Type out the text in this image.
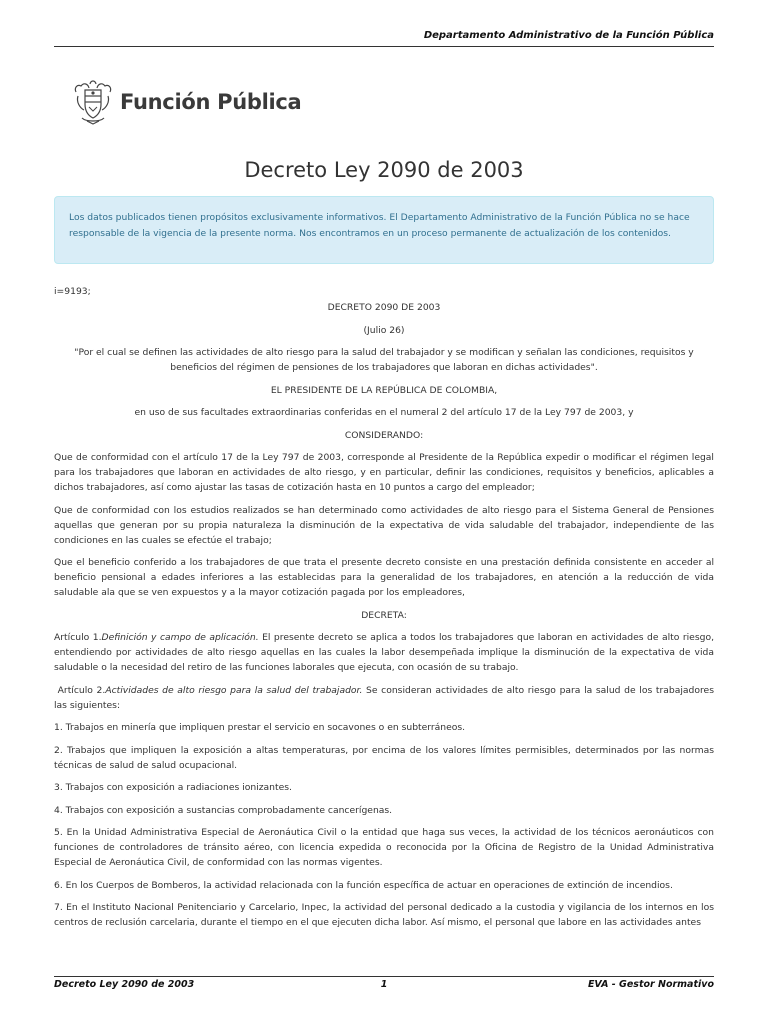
Departamento Administrativo de la Función Pública
Función Pública
Decreto Ley 2090 de 2003
Los datos publicados tienen propósitos exclusivamente informativos. El Departamento Administrativo de la Función Pública no se hace responsable de la vigencia de la presente norma. Nos encontramos en un proceso permanente de actualización de los contenidos.

i=9193;

DECRETO 2090 DE 2003

(Julio 26)

"Por el cual se definen las actividades de alto riesgo para la salud del trabajador y se modifican y señalan las condiciones, requisitos y beneficios del régimen de pensiones de los trabajadores que laboran en dichas actividades".

EL PRESIDENTE DE LA REPÚBLICA DE COLOMBIA,

en uso de sus facultades extraordinarias conferidas en el numeral 2 del artículo 17 de la Ley 797 de 2003, y

CONSIDERANDO:

Que de conformidad con el artículo 17 de la Ley 797 de 2003, corresponde al Presidente de la República expedir o modificar el régimen legal para los trabajadores que laboran en actividades de alto riesgo, y en particular, definir las condiciones, requisitos y beneficios, aplicables a dichos trabajadores, así como ajustar las tasas de cotización hasta en 10 puntos a cargo del empleador;

Que de conformidad con los estudios realizados se han determinado como actividades de alto riesgo para el Sistema General de Pensiones aquellas que generan por su propia naturaleza la disminución de la expectativa de vida saludable del trabajador, independiente de las condiciones en las cuales se efectúe el trabajo;

Que el beneficio conferido a los trabajadores de que trata el presente decreto consiste en una prestación definida consistente en acceder al beneficio pensional a edades inferiores a las establecidas para la generalidad de los trabajadores, en atención a la reducción de vida saludable ala que se ven expuestos y a la mayor cotización pagada por los empleadores,

DECRETA:

Artículo 1.Definición y campo de aplicación. El presente decreto se aplica a todos los trabajadores que laboran en actividades de alto riesgo, entendiendo por actividades de alto riesgo aquellas en las cuales la labor desempeñada implique la disminución de la expectativa de vida saludable o la necesidad del retiro de las funciones laborales que ejecuta, con ocasión de su trabajo.

Artículo 2.Actividades de alto riesgo para la salud del trabajador. Se consideran actividades de alto riesgo para la salud de los trabajadores las siguientes:

1. Trabajos en minería que impliquen prestar el servicio en socavones o en subterráneos.

2. Trabajos que impliquen la exposición a altas temperaturas, por encima de los valores límites permisibles, determinados por las normas técnicas de salud de salud ocupacional.

3. Trabajos con exposición a radiaciones ionizantes.

4. Trabajos con exposición a sustancias comprobadamente cancerígenas.

5. En la Unidad Administrativa Especial de Aeronáutica Civil o la entidad que haga sus veces, la actividad de los técnicos aeronáuticos con funciones de controladores de tránsito aéreo, con licencia expedida o reconocida por la Oficina de Registro de la Unidad Administrativa Especial de Aeronáutica Civil, de conformidad con las normas vigentes.

6. En los Cuerpos de Bomberos, la actividad relacionada con la función específica de actuar en operaciones de extinción de incendios.

7. En el Instituto Nacional Penitenciario y Carcelario, Inpec, la actividad del personal dedicado a la custodia y vigilancia de los internos en los centros de reclusión carcelaria, durante el tiempo en el que ejecuten dicha labor. Así mismo, el personal que labore en las actividades antes

Decreto Ley 2090 de 2003	1	EVA - Gestor Normativo
